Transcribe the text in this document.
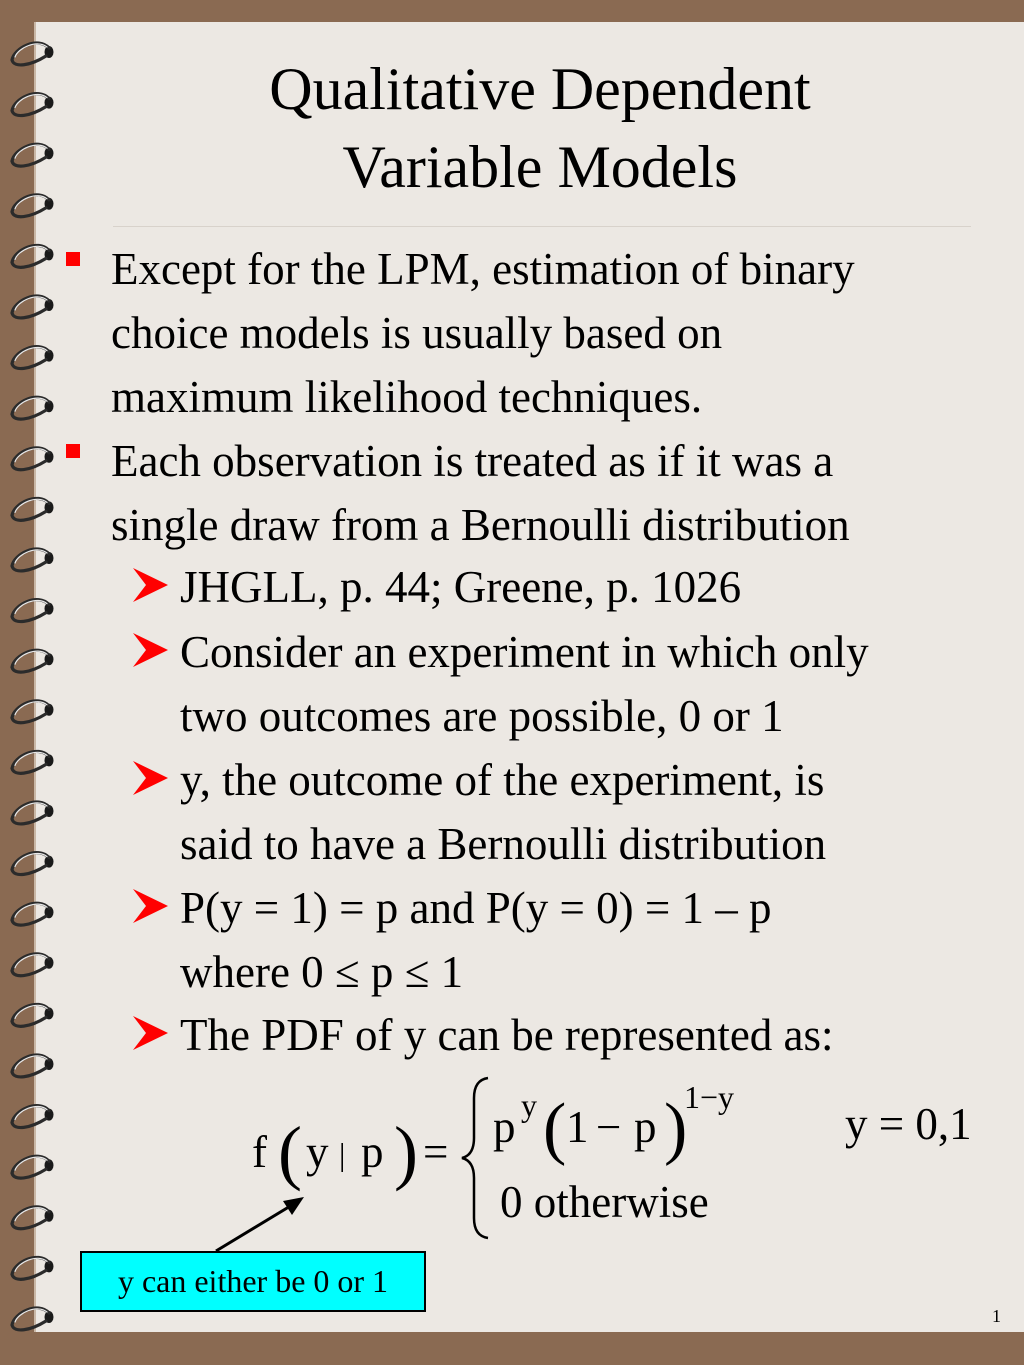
Qualitative Dependent
Variable Models
Except for the LPM, estimation of binary
choice models is usually based on
maximum likelihood techniques.
Each observation is treated as if it was a
single draw from a Bernoulli distribution
JHGLL, p. 44; Greene, p. 1026
Consider an experiment in which only
two outcomes are possible, 0 or 1
y, the outcome of the experiment, is
said to have a Bernoulli distribution
P(y = 1) = p and P(y = 0) = 1 – p
where 0 ≤ p ≤ 1
The PDF of y can be represented as:
f ( y | p ) = p y ( 1 − p )
1−y
y = 0,1
0 otherwise
y can either be 0 or 1
1
